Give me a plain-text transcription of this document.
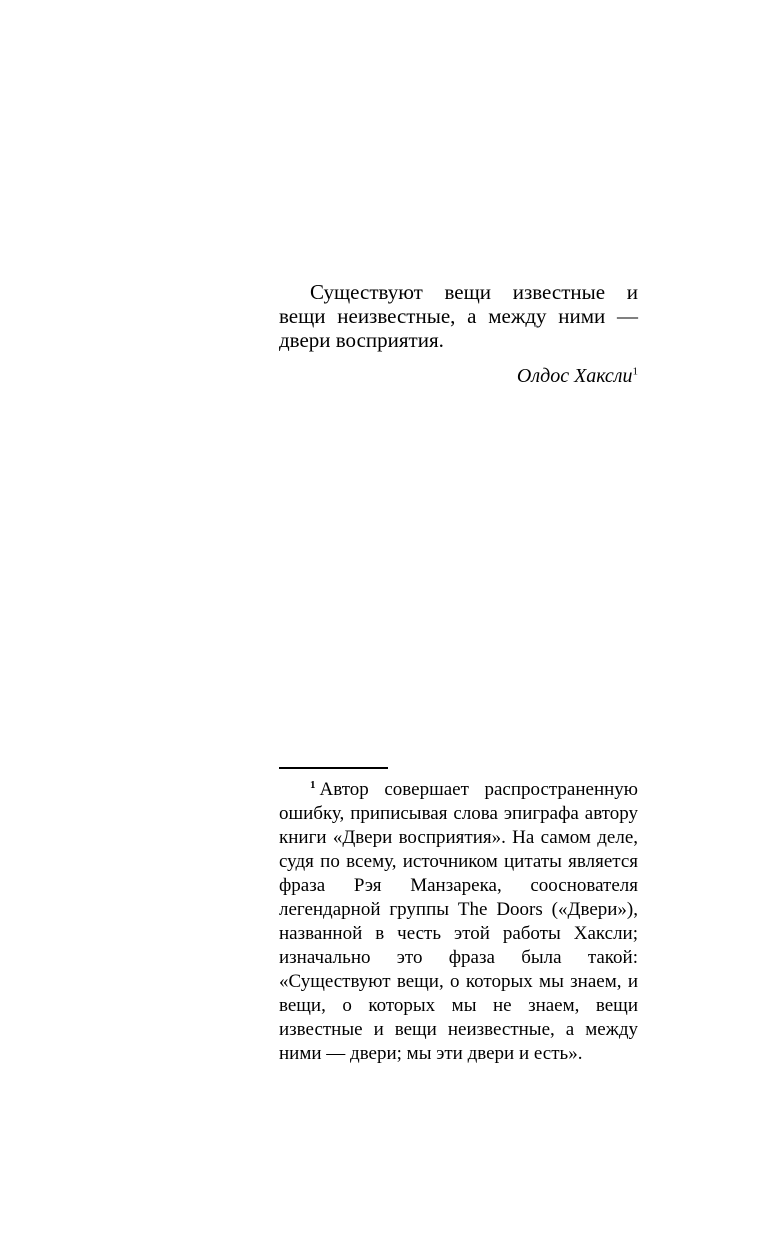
Существуют вещи известные и вещи неизвестные, а между ними — двери восприятия.

Олдос Хаксли$^1$

$^1$ Автор совершает распространенную ошибку, приписывая слова эпиграфа автору книги «Двери восприятия». На самом деле, судя по всему, источником цитаты является фраза Рэя Манзарека, сооснователя легендарной группы The Doors («Двери»), названной в честь этой работы Хаксли; изначально это фраза была такой: «Существуют вещи, о которых мы знаем, и вещи, о которых мы не знаем, вещи известные и вещи неизвестные, а между ними — двери; мы эти двери и есть».
